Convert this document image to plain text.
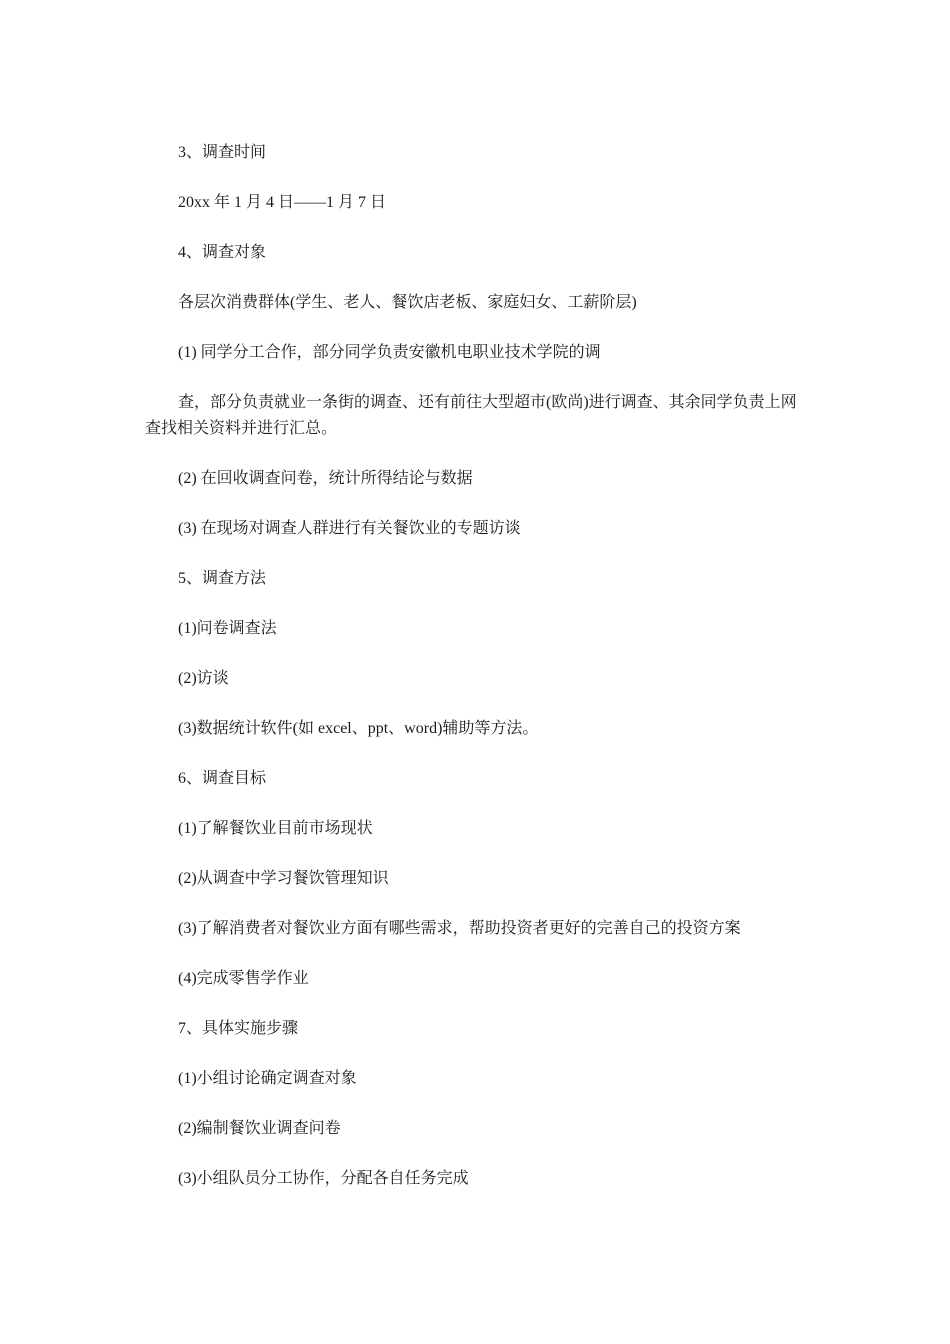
3、调查时间

20xx 年 1 月 4 日——1 月 7 日

4、调查对象

各层次消费群体(学生、老人、餐饮店老板、家庭妇女、工薪阶层)

(1) 同学分工合作，部分同学负责安徽机电职业技术学院的调

查，部分负责就业一条街的调查、还有前往大型超市(欧尚)进行调查、其余同学负责上网查找相关资料并进行汇总。

(2) 在回收调查问卷，统计所得结论与数据

(3) 在现场对调查人群进行有关餐饮业的专题访谈

5、调查方法

(1)问卷调查法

(2)访谈

(3)数据统计软件(如 excel、ppt、word)辅助等方法。

6、调查目标

(1)了解餐饮业目前市场现状

(2)从调查中学习餐饮管理知识

(3)了解消费者对餐饮业方面有哪些需求，帮助投资者更好的完善自己的投资方案

(4)完成零售学作业

7、具体实施步骤

(1)小组讨论确定调查对象

(2)编制餐饮业调查问卷

(3)小组队员分工协作，分配各自任务完成
